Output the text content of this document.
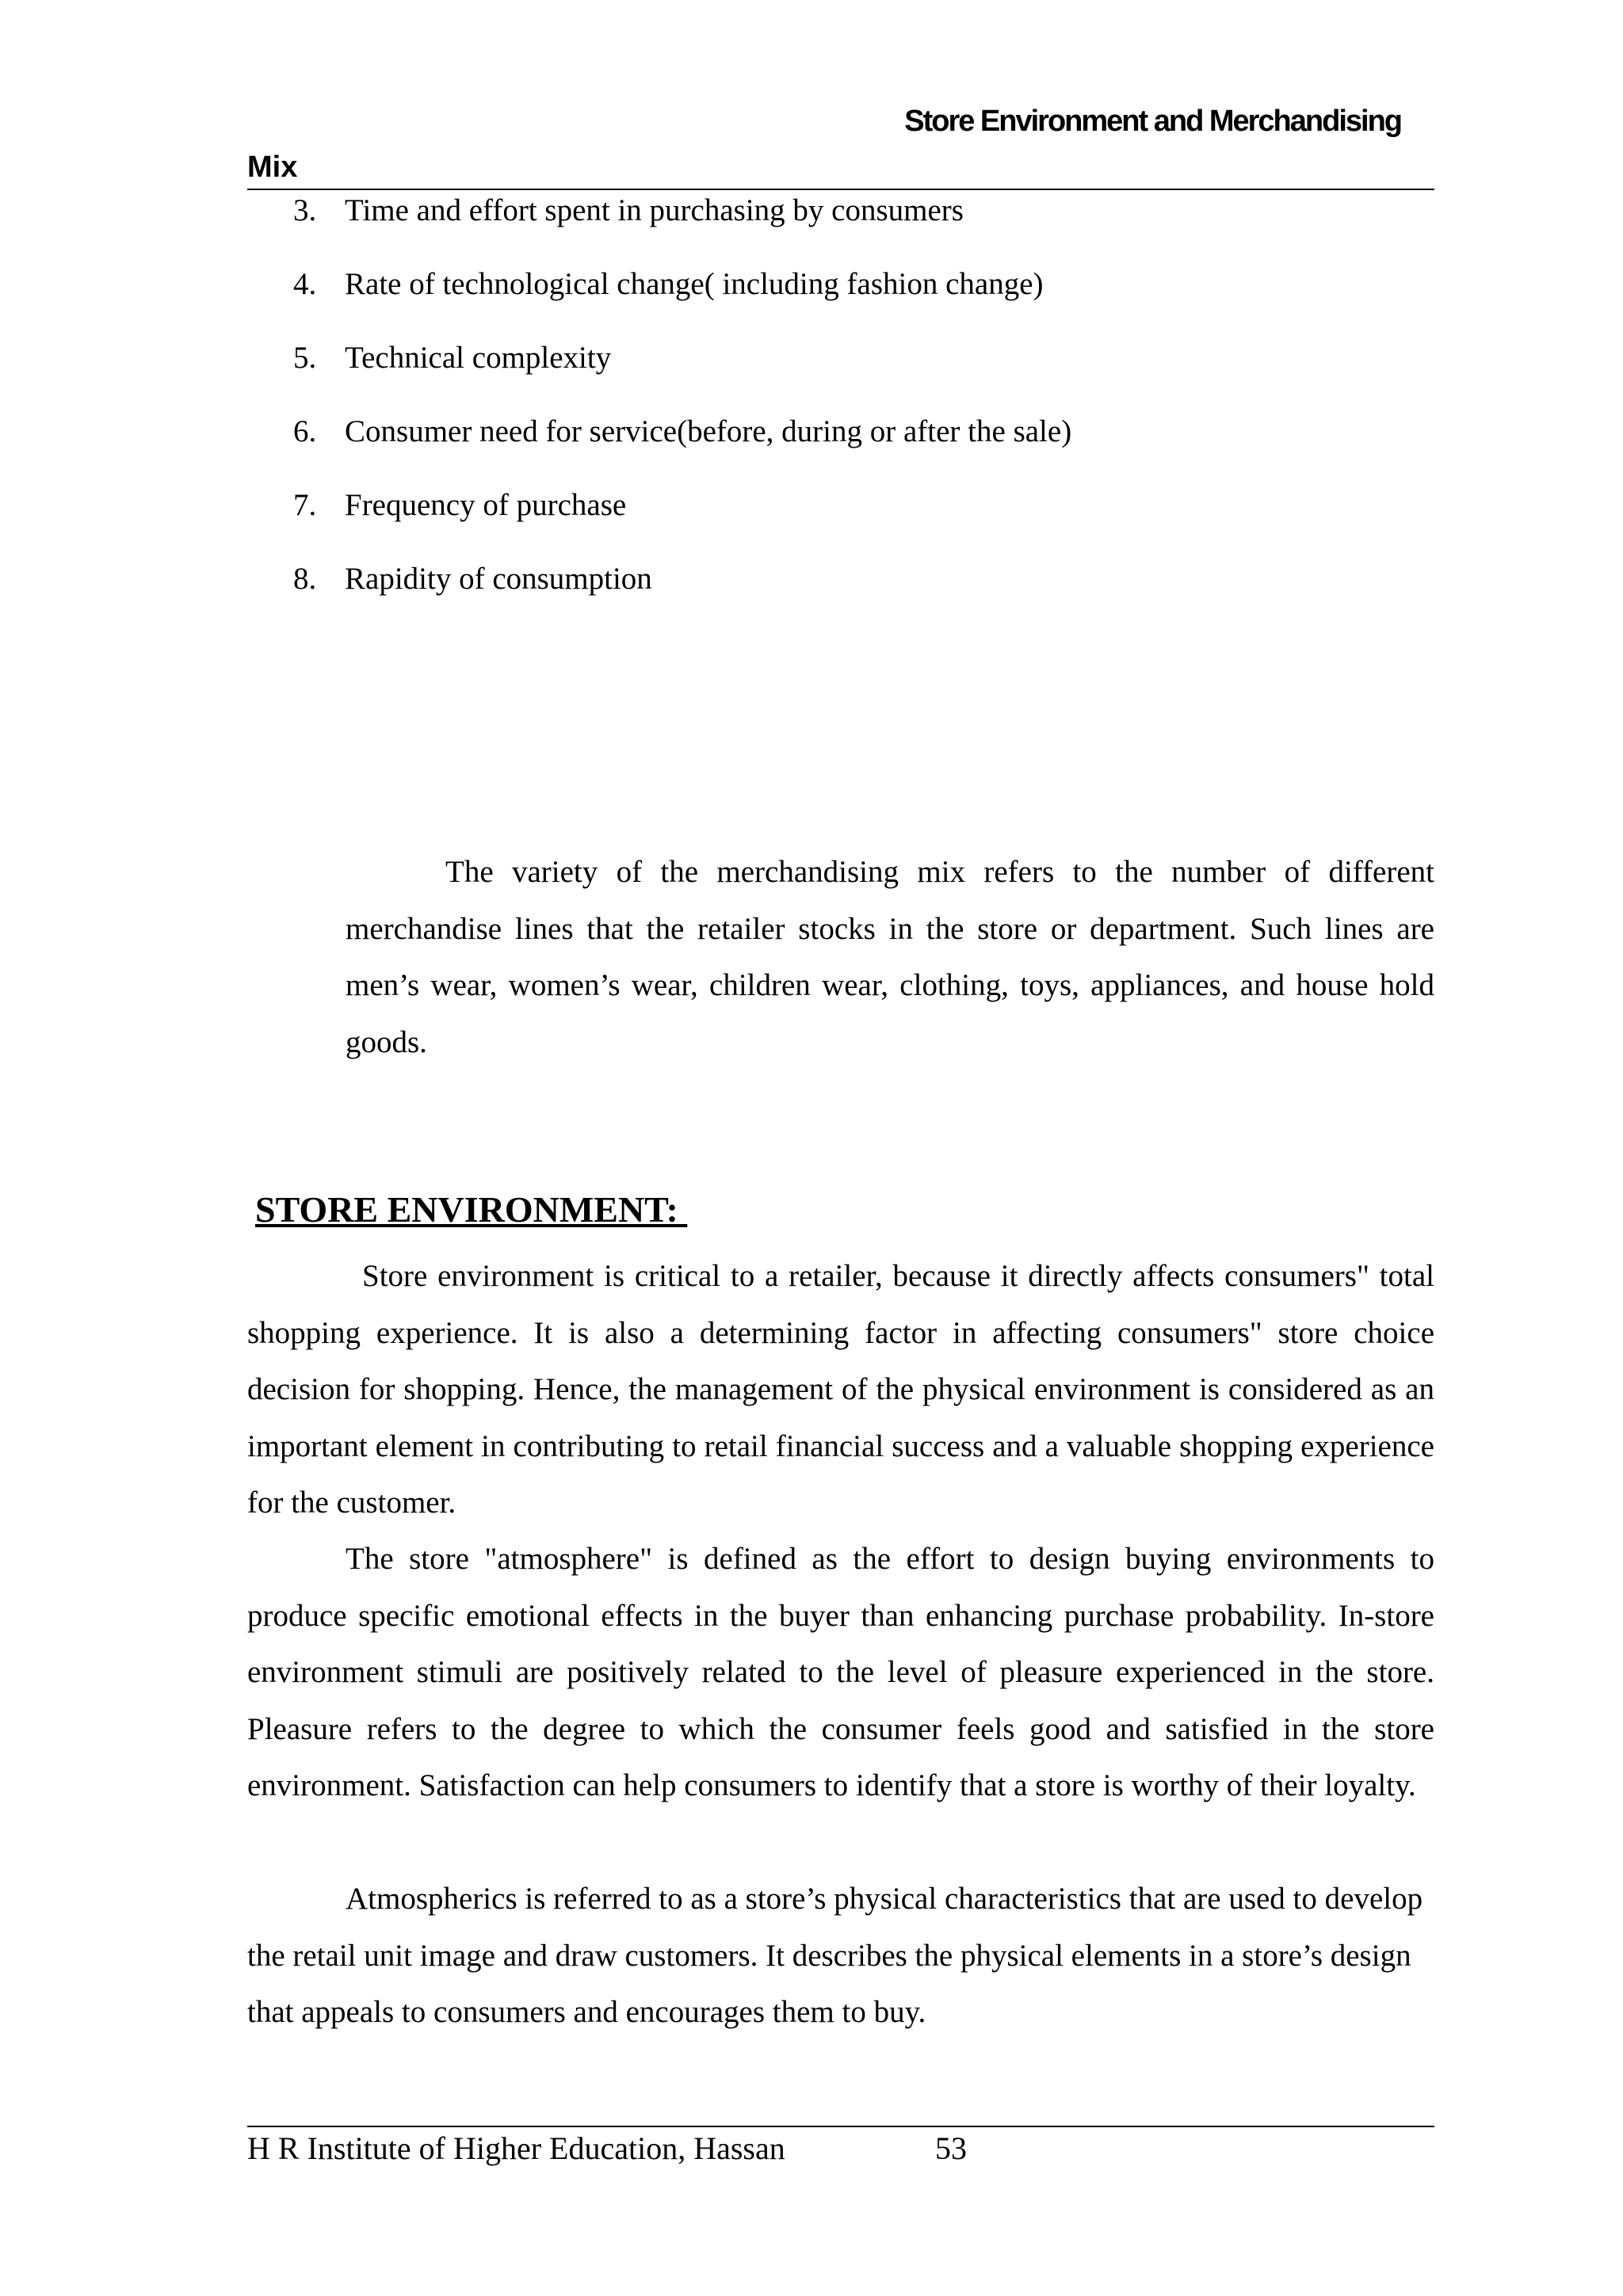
Store Environment and Merchandising
Mix
3. Time and effort spent in purchasing by consumers
4. Rate of technological change( including fashion change)
5. Technical complexity
6. Consumer need for service(before, during or after the sale)
7. Frequency of purchase
8. Rapidity of consumption

The variety of the merchandising mix refers to the number of different merchandise lines that the retailer stocks in the store or department. Such lines are men’s wear, women’s wear, children wear, clothing, toys, appliances, and house hold goods.

STORE ENVIRONMENT:

Store environment is critical to a retailer, because it directly affects consumers" total shopping experience. It is also a determining factor in affecting consumers" store choice decision for shopping. Hence, the management of the physical environment is considered as an important element in contributing to retail financial success and a valuable shopping experience for the customer.

The store "atmosphere" is defined as the effort to design buying environments to produce specific emotional effects in the buyer than enhancing purchase probability. In-store environment stimuli are positively related to the level of pleasure experienced in the store. Pleasure refers to the degree to which the consumer feels good and satisfied in the store environment. Satisfaction can help consumers to identify that a store is worthy of their loyalty.

Atmospherics is referred to as a store’s physical characteristics that are used to develop the retail unit image and draw customers. It describes the physical elements in a store’s design that appeals to consumers and encourages them to buy.

H R Institute of Higher Education, Hassan	53
